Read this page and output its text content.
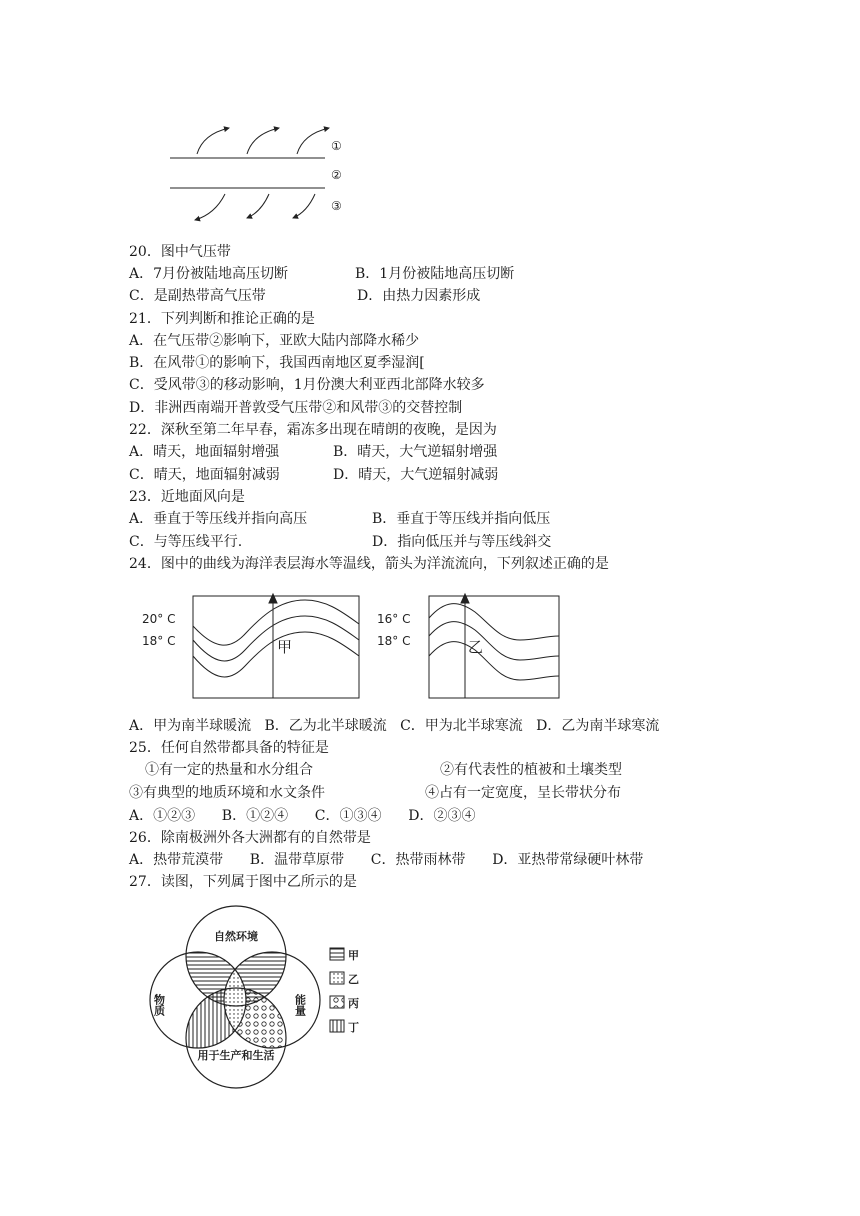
①
②
③
20．图中气压带
A．7月份被陆地高压切断	B．1月份被陆地高压切断
C．是副热带高气压带	D．由热力因素形成
21．下列判断和推论正确的是
A．在气压带②影响下，亚欧大陆内部降水稀少
B．在风带①的影响下，我国西南地区夏季湿润[
C．受风带③的移动影响，1月份澳大利亚西北部降水较多
D．非洲西南端开普敦受气压带②和风带③的交替控制
22．深秋至第二年早春，霜冻多出现在晴朗的夜晚，是因为
A．晴天，地面辐射增强	B．晴天，大气逆辐射增强
C．晴天，地面辐射减弱	D．晴天，大气逆辐射减弱
23．近地面风向是
A．垂直于等压线并指向高压	B．垂直于等压线并指向低压
C．与等压线平行.	D．指向低压并与等压线斜交
24．图中的曲线为海洋表层海水等温线，箭头为洋流流向，下列叙述正确的是
20° C
18° C
16° C
18° C
甲	乙
A．甲为南半球暖流   B．乙为北半球暖流   C．甲为北半球寒流   D．乙为南半球寒流
25．任何自然带都具备的特征是
①有一定的热量和水分组合	②有代表性的植被和土壤类型
③有典型的地质环境和水文条件	④占有一定宽度，呈长带状分布
A．①②③      B．①②④      C．①③④      D．②③④
26．除南极洲外各大洲都有的自然带是
A．热带荒漠带      B．温带草原带      C．热带雨林带      D．亚热带常绿硬叶林带
27．读图，下列属于图中乙所示的是
自然环境
用于生产和生活
物质	能量
甲
乙
丙
丁
